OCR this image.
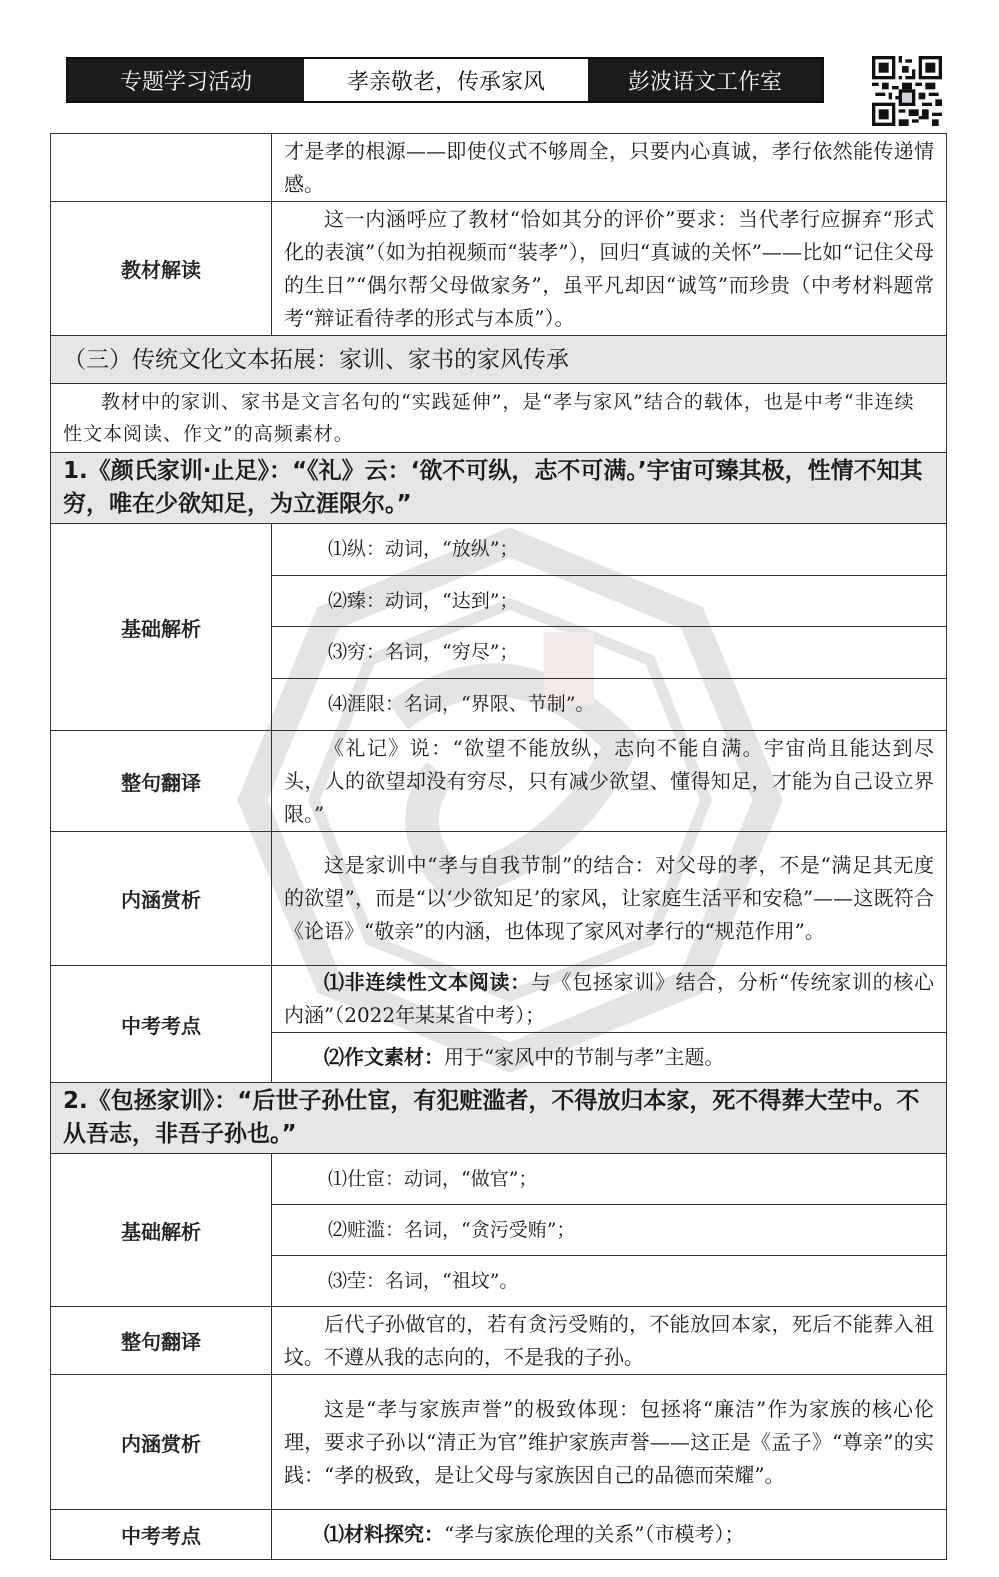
专题学习活动	孝亲敬老，传承家风	彭波语文工作室
	才是孝的根源——即使仪式不够周全，只要内心真诚，孝行依然能传递情感。
教材解读	这一内涵呼应了教材“恰如其分的评价”要求：当代孝行应摒弃“形式化的表演”（如为拍视频而“装孝”），回归“真诚的关怀”——比如“记住父母的生日”“偶尔帮父母做家务”，虽平凡却因“诚笃”而珍贵（中考材料题常考“辩证看待孝的形式与本质”）。
（三）传统文化文本拓展：家训、家书的家风传承	
教材中的家训、家书是文言名句的“实践延伸”，是“孝与家风”结合的载体，也是中考“非连续性文本阅读、作文”的高频素材。	
1.《颜氏家训·止足》：“《礼》云：‘欲不可纵，志不可满。’宇宙可臻其极，性情不知其穷，唯在少欲知足，为立涯限尔。”	
基础解析	⑴纵：动词，“放纵”；
	⑵臻：动词，“达到”；
	⑶穷：名词，“穷尽”；
	⑷涯限：名词，“界限、节制”。
整句翻译	《礼记》说：“欲望不能放纵，志向不能自满。宇宙尚且能达到尽头，人的欲望却没有穷尽，只有减少欲望、懂得知足，才能为自己设立界限。”
内涵赏析	这是家训中“孝与自我节制”的结合：对父母的孝，不是“满足其无度的欲望”，而是“以‘少欲知足’的家风，让家庭生活平和安稳”——这既符合《论语》“敬亲”的内涵，也体现了家风对孝行的“规范作用”。
中考考点	⑴非连续性文本阅读：与《包拯家训》结合，分析“传统家训的核心内涵”（2022年某某省中考）；
	⑵作文素材：用于“家风中的节制与孝”主题。
2.《包拯家训》：“后世子孙仕宦，有犯赃滥者，不得放归本家，死不得葬大茔中。不从吾志，非吾子孙也。”	
基础解析	⑴仕宦：动词，“做官”；
	⑵赃滥：名词，“贪污受贿”；
	⑶茔：名词，“祖坟”。
整句翻译	后代子孙做官的，若有贪污受贿的，不能放回本家，死后不能葬入祖坟。不遵从我的志向的，不是我的子孙。
内涵赏析	这是“孝与家族声誉”的极致体现：包拯将“廉洁”作为家族的核心伦理，要求子孙以“清正为官”维护家族声誉——这正是《孟子》“尊亲”的实践：“孝的极致，是让父母与家族因自己的品德而荣耀”。
中考考点	⑴材料探究：“孝与家族伦理的关系”（市模考）；
